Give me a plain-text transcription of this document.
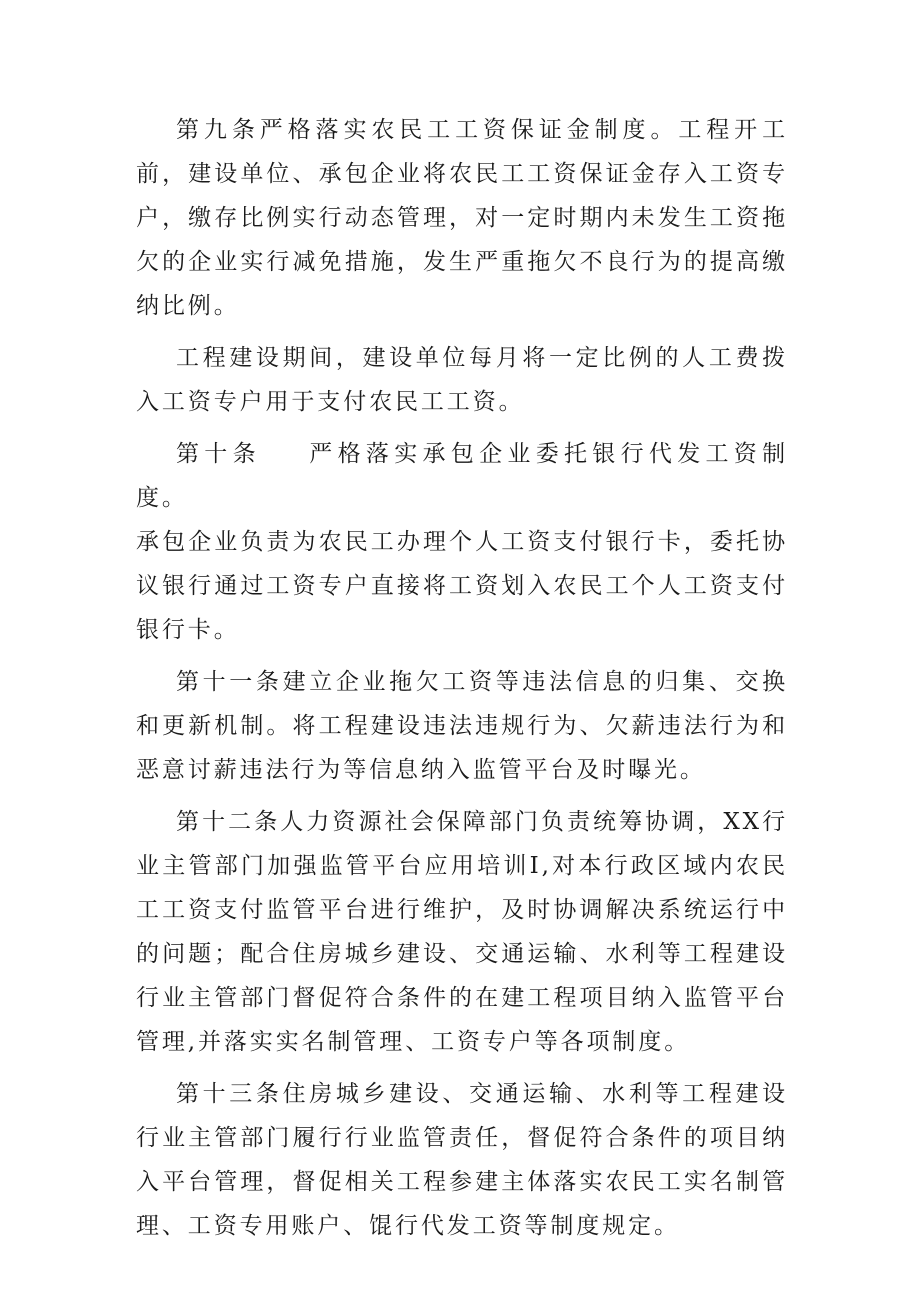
第九条严格落实农民工工资保证金制度。工程开工前，建设单位、承包企业将农民工工资保证金存入工资专户，缴存比例实行动态管理，对一定时期内未发生工资拖欠的企业实行减免措施，发生严重拖欠不良行为的提高缴纳比例。

工程建设期间，建设单位每月将一定比例的人工费拨入工资专户用于支付农民工工资。

第十条 严格落实承包企业委托银行代发工资制度。
承包企业负责为农民工办理个人工资支付银行卡，委托协议银行通过工资专户直接将工资划入农民工个人工资支付银行卡。

第十一条建立企业拖欠工资等违法信息的归集、交换和更新机制。将工程建设违法违规行为、欠薪违法行为和恶意讨薪违法行为等信息纳入监管平台及时曝光。

第十二条人力资源社会保障部门负责统筹协调，XX行业主管部门加强监管平台应用培训I,对本行政区域内农民工工资支付监管平台进行维护，及时协调解决系统运行中的问题；配合住房城乡建设、交通运输、水利等工程建设行业主管部门督促符合条件的在建工程项目纳入监管平台管理,并落实实名制管理、工资专户等各项制度。

第十三条住房城乡建设、交通运输、水利等工程建设行业主管部门履行行业监管责任，督促符合条件的项目纳入平台管理，督促相关工程参建主体落实农民工实名制管理、工资专用账户、馄行代发工资等制度规定。
